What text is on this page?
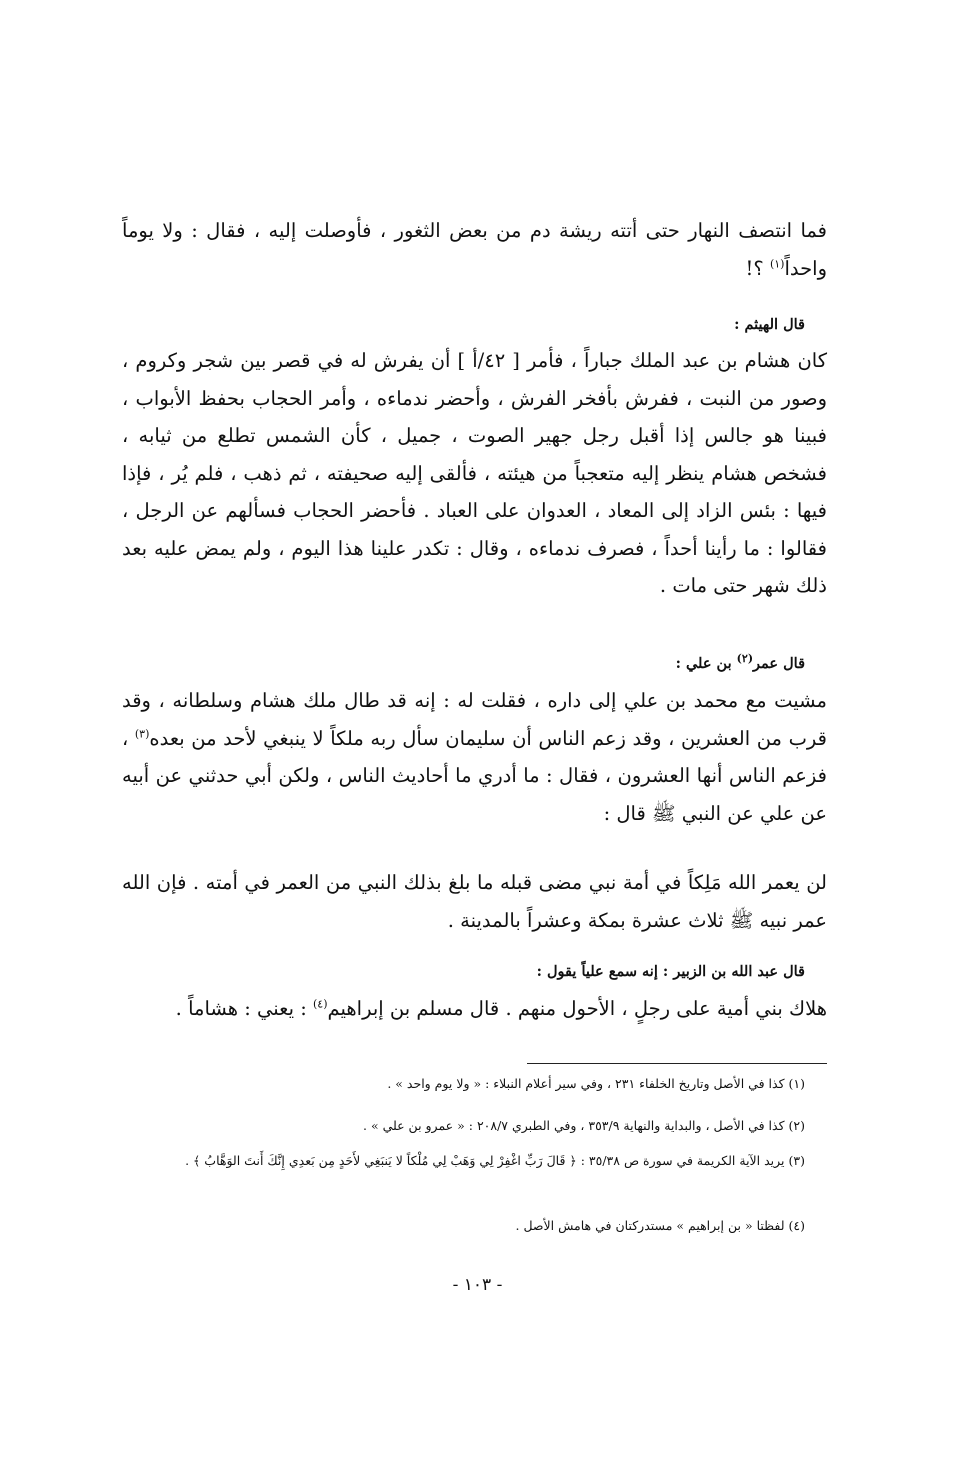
فما انتصف النهار حتى أتته ريشة دم من بعض الثغور ، فأوصلت إليه ، فقال : ولا يوماً واحداً$^{(١)}$ ؟!
قال الهيثم :
كان هشام بن عبد الملك جباراً ، فأمر [ ٤٢/أ ] أن يفرش له في قصر بين شجر وكروم ، وصور من النبت ، ففرش بأفخر الفرش ، وأحضر ندماءه ، وأمر الحجاب بحفظ الأبواب ، فبينا هو جالس إذا أقبل رجل جهير الصوت ، جميل ، كأن الشمس تطلع من ثيابه ، فشخص هشام ينظر إليه متعجباً من هيئته ، فألقى إليه صحيفته ، ثم ذهب ، فلم يُر ، فإذا فيها : بئس الزاد إلى المعاد ، العدوان على العباد . فأحضر الحجاب فسألهم عن الرجل ، فقالوا : ما رأينا أحداً ، فصرف ندماءه ، وقال : تكدر علينا هذا اليوم ، ولم يمض عليه بعد ذلك شهر حتى مات .
قال عمر$^{(٢)}$ بن علي :
مشيت مع محمد بن علي إلى داره ، فقلت له : إنه قد طال ملك هشام وسلطانه ، وقد قرب من العشرين ، وقد زعم الناس أن سليمان سأل ربه ملكاً لا ينبغي لأحد من بعده$^{(٣)}$ ، فزعم الناس أنها العشرون ، فقال : ما أدري ما أحاديث الناس ، ولكن أبي حدثني عن أبيه عن علي عن النبي ﷺ قال :
لن يعمر الله مَلِكاً في أمة نبي مضى قبله ما بلغ بذلك النبي من العمر في أمته . فإن الله عمر نبيه ﷺ ثلاث عشرة بمكة وعشراً بالمدينة .
قال عبد الله بن الزبير : إنه سمع علياً يقول :
هلاك بني أمية على رجلٍ ، الأحول منهم . قال مسلم بن إبراهيم$^{(٤)}$ : يعني : هشاماً .
(١) كذا في الأصل وتاريخ الخلفاء ٢٣١ ، وفي سير أعلام النبلاء : « ولا يوم واحد » .
(٢) كذا في الأصل ، والبداية والنهاية ٣٥٣/٩ ، وفي الطبري ٢٠٨/٧ : « عمرو بن علي » .
(٣) يريد الآية الكريمة في سورة ص ٣٥/٣٨ : ﴿ قَالَ رَبِّ اغْفِرْ لِي وَهَبْ لِي مُلْكاً لا يَنبَغِي لأَحَدٍ مِن بَعدِي إِنَّكَ أَنتَ الوَهَّابُ ﴾ .
(٤) لفظتا « بن إبراهيم » مستدركتان في هامش الأصل .
- ١٠٣ -
